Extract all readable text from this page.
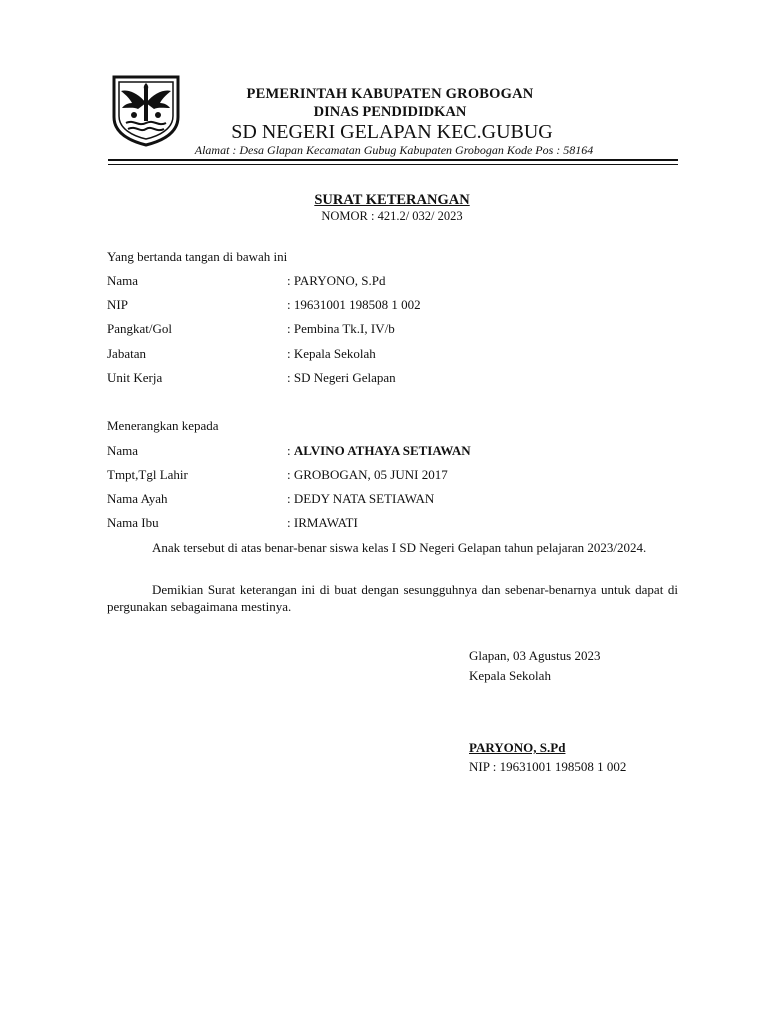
PEMERINTAH KABUPATEN GROBOGAN

DINAS PENDIDIDKAN

SD NEGERI GELAPAN KEC.GUBUG
Alamat : Desa Glapan Kecamatan Gubug Kabupaten Grobogan Kode Pos : 58164
SURAT KETERANGAN
NOMOR : 421.2/ 032/ 2023
Yang bertanda tangan di bawah ini
Nama	: PARYONO, S.Pd
NIP	: 19631001 198508 1 002
Pangkat/Gol	: Pembina Tk.I, IV/b
Jabatan	: Kepala Sekolah
Unit Kerja	: SD Negeri Gelapan
Menerangkan kepada
Nama	: ALVINO ATHAYA SETIAWAN
Tmpt,Tgl Lahir	: GROBOGAN, 05 JUNI 2017
Nama Ayah	: DEDY NATA SETIAWAN
Nama Ibu	: IRMAWATI
Anak tersebut di atas benar-benar siswa kelas I SD Negeri Gelapan tahun pelajaran 2023/2024.
Demikian Surat keterangan ini di buat dengan sesungguhnya dan sebenar-benarnya untuk dapat di pergunakan sebagaimana mestinya.
Glapan, 03 Agustus 2023
Kepala Sekolah
PARYONO, S.Pd
NIP : 19631001 198508 1 002
